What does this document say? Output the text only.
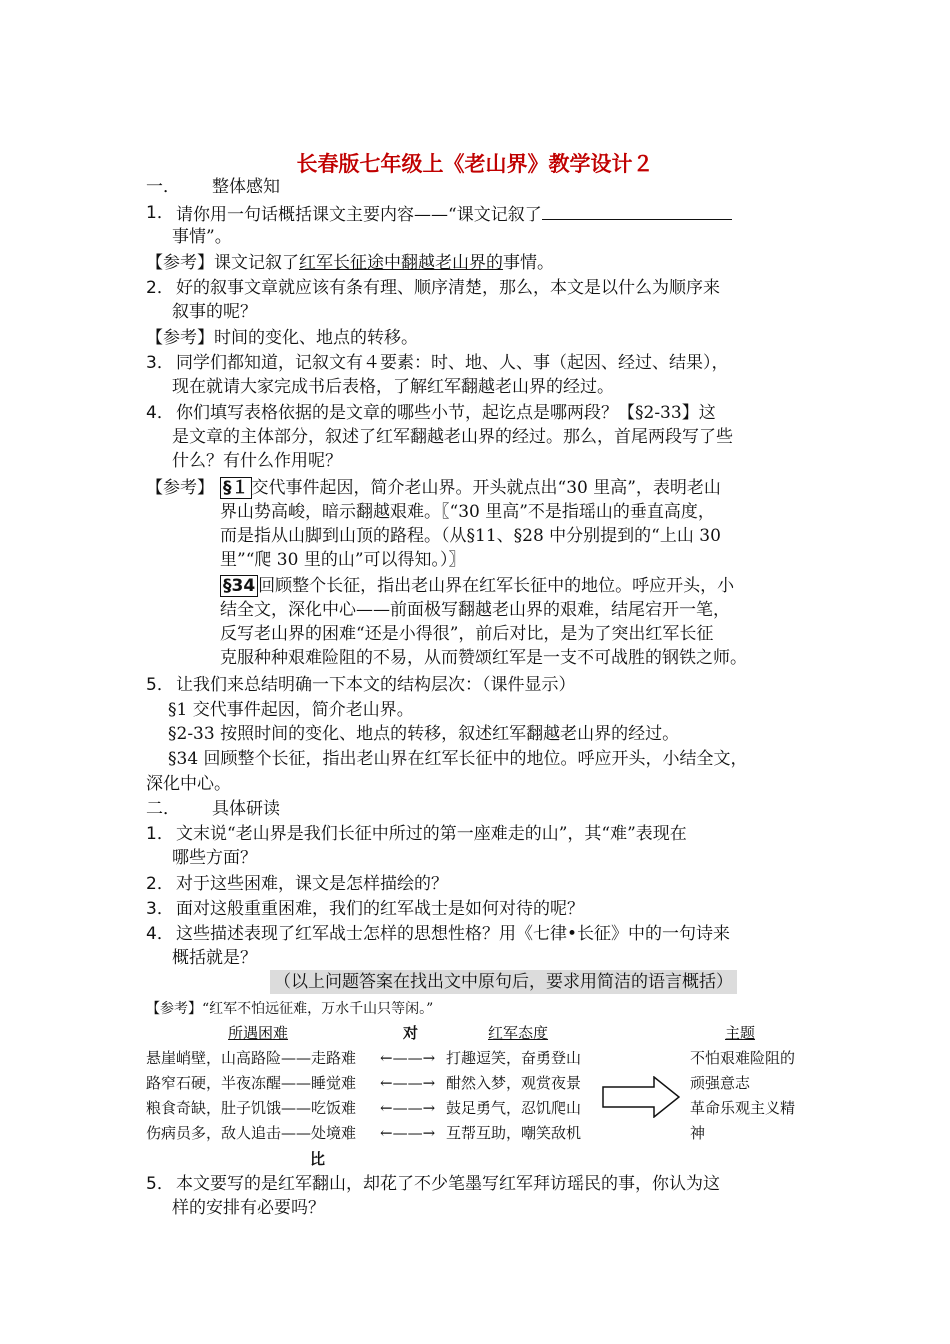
长春版七年级上《老山界》教学设计２
一． 整体感知
1． 请你用一句话概括课文主要内容——“课文记叙了
事情”。
【参考】课文记叙了红军长征途中翻越老山界的事情。
2． 好的叙事文章就应该有条有理、顺序清楚，那么，本文是以什么为顺序来
叙事的呢？
【参考】时间的变化、地点的转移。
3． 同学们都知道，记叙文有４要素：时、地、人、事（起因、经过、结果），
现在就请大家完成书后表格，了解红军翻越老山界的经过。
4． 你们填写表格依据的是文章的哪些小节，起讫点是哪两段？【§2-33】这
是文章的主体部分，叙述了红军翻越老山界的经过。那么，首尾两段写了些
什么？有什么作用呢？
【参考】 §１ 交代事件起因，简介老山界。开头就点出“30 里高”，表明老山
界山势高峻，暗示翻越艰难。〖“30 里高”不是指瑶山的垂直高度，
而是指从山脚到山顶的路程。（从§11、§28 中分别提到的“上山 30
里”“爬 30 里的山”可以得知。）〗
§34 回顾整个长征，指出老山界在红军长征中的地位。呼应开头，小
结全文，深化中心——前面极写翻越老山界的艰难，结尾宕开一笔，
反写老山界的困难“还是小得很”，前后对比，是为了突出红军长征
克服种种艰难险阻的不易，从而赞颂红军是一支不可战胜的钢铁之师。
5． 让我们来总结明确一下本文的结构层次：（课件显示）
§1 交代事件起因，简介老山界。
§2-33 按照时间的变化、地点的转移，叙述红军翻越老山界的经过。
§34 回顾整个长征，指出老山界在红军长征中的地位。呼应开头，小结全文，
深化中心。
二． 具体研读
1． 文末说“老山界是我们长征中所过的第一座难走的山”，其“难”表现在
哪些方面？
2． 对于这些困难，课文是怎样描绘的？
3． 面对这般重重困难，我们的红军战士是如何对待的呢？
4． 这些描述表现了红军战士怎样的思想性格？用《七律•长征》中的一句诗来
概括就是？
（以上问题答案在找出文中原句后，要求用简洁的语言概括）
【参考】“红军不怕远征难，万水千山只等闲。”
所遇困难	对	红军态度	主题
悬崖峭壁，山高路险——走路难 ←——→ 打趣逗笑，奋勇登山
路窄石硬，半夜冻醒——睡觉难 ←——→ 酣然入梦，观赏夜景
粮食奇缺，肚子饥饿——吃饭难 ←——→ 鼓足勇气，忍饥爬山
伤病员多，敌人追击——处境难 ←——→ 互帮互助，嘲笑敌机
不怕艰难险阻的
顽强意志
革命乐观主义精
神
比
5． 本文要写的是红军翻山，却花了不少笔墨写红军拜访瑶民的事，你认为这
样的安排有必要吗？
